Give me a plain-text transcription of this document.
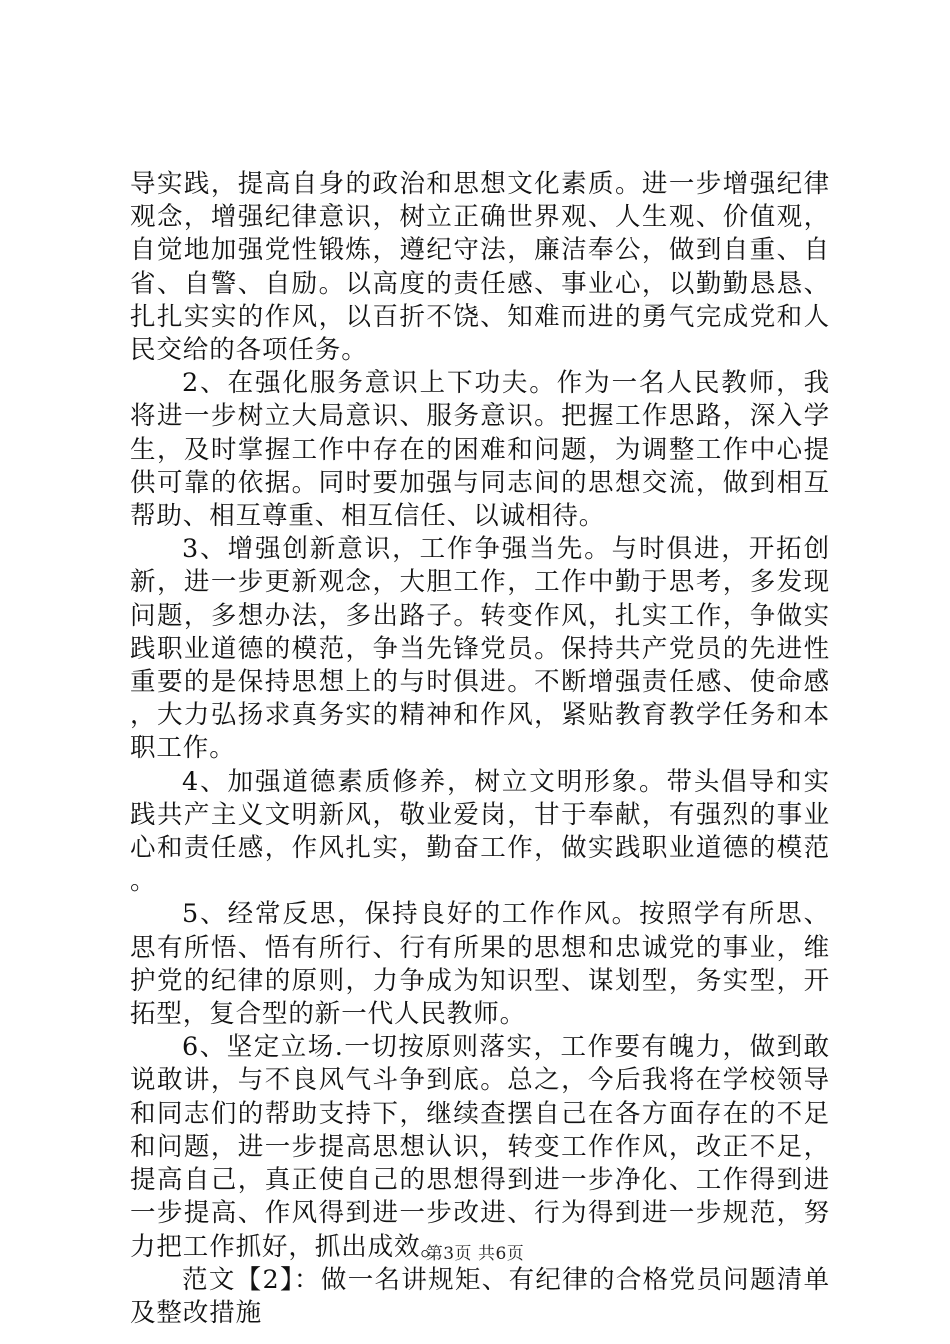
导实践，提高自身的政治和思想文化素质。进一步增强纪律观念，增强纪律意识，树立正确世界观、人生观、价值观，自觉地加强党性锻炼，遵纪守法，廉洁奉公，做到自重、自省、自警、自励。以高度的责任感、事业心，以勤勤恳恳、扎扎实实的作风，以百折不饶、知难而进的勇气完成党和人民交给的各项任务。

2、在强化服务意识上下功夫。作为一名人民教师，我将进一步树立大局意识、服务意识。把握工作思路，深入学生，及时掌握工作中存在的困难和问题，为调整工作中心提供可靠的依据。同时要加强与同志间的思想交流，做到相互帮助、相互尊重、相互信任、以诚相待。

3、增强创新意识，工作争强当先。与时俱进，开拓创新，进一步更新观念，大胆工作，工作中勤于思考，多发现问题，多想办法，多出路子。转变作风，扎实工作，争做实践职业道德的模范，争当先锋党员。保持共产党员的先进性重要的是保持思想上的与时俱进。不断增强责任感、使命感，大力弘扬求真务实的精神和作风，紧贴教育教学任务和本职工作。

4、加强道德素质修养，树立文明形象。带头倡导和实践共产主义文明新风，敬业爱岗，甘于奉献，有强烈的事业心和责任感，作风扎实，勤奋工作，做实践职业道德的模范。

5、经常反思，保持良好的工作作风。按照学有所思、思有所悟、悟有所行、行有所果的思想和忠诚党的事业，维护党的纪律的原则，力争成为知识型、谋划型，务实型，开拓型，复合型的新一代人民教师。

6、坚定立场.一切按原则落实，工作要有魄力，做到敢说敢讲，与不良风气斗争到底。总之，今后我将在学校领导和同志们的帮助支持下，继续查摆自己在各方面存在的不足和问题，进一步提高思想认识，转变工作作风，改正不足，提高自己，真正使自己的思想得到进一步净化、工作得到进一步提高、作风得到进一步改进、行为得到进一步规范，努力把工作抓好，抓出成效。

范文【2】：做一名讲规矩、有纪律的合格党员问题清单及整改措施

第3页 共6页
